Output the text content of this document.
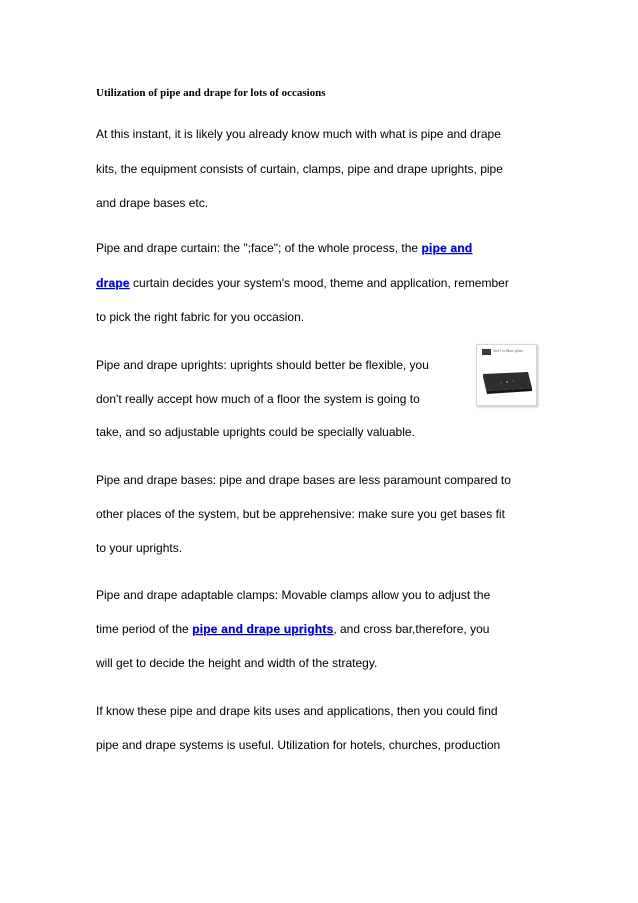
Utilization of pipe and drape for lots of occasions
At this instant, it is likely you already know much with what is pipe and drape
kits, the equipment consists of curtain, clamps, pipe and drape uprights, pipe
and drape bases etc.
Pipe and drape curtain: the ";face"; of the whole process, the pipe and
drape curtain decides your system's mood, theme and application, remember
to pick the right fabric for you occasion.
Pipe and drape uprights: uprights should better be flexible, you
don't really accept how much of a floor the system is going to
take, and so adjustable uprights could be specially valuable.
Steel vs Base-plate
Pipe and drape bases: pipe and drape bases are less paramount compared to
other places of the system, but be apprehensive: make sure you get bases fit
to your uprights.
Pipe and drape adaptable clamps: Movable clamps allow you to adjust the
time period of the pipe and drape uprights, and cross bar,therefore, you
will get to decide the height and width of the strategy.
If know these pipe and drape kits uses and applications, then you could find
pipe and drape systems is useful. Utilization for hotels, churches, production
